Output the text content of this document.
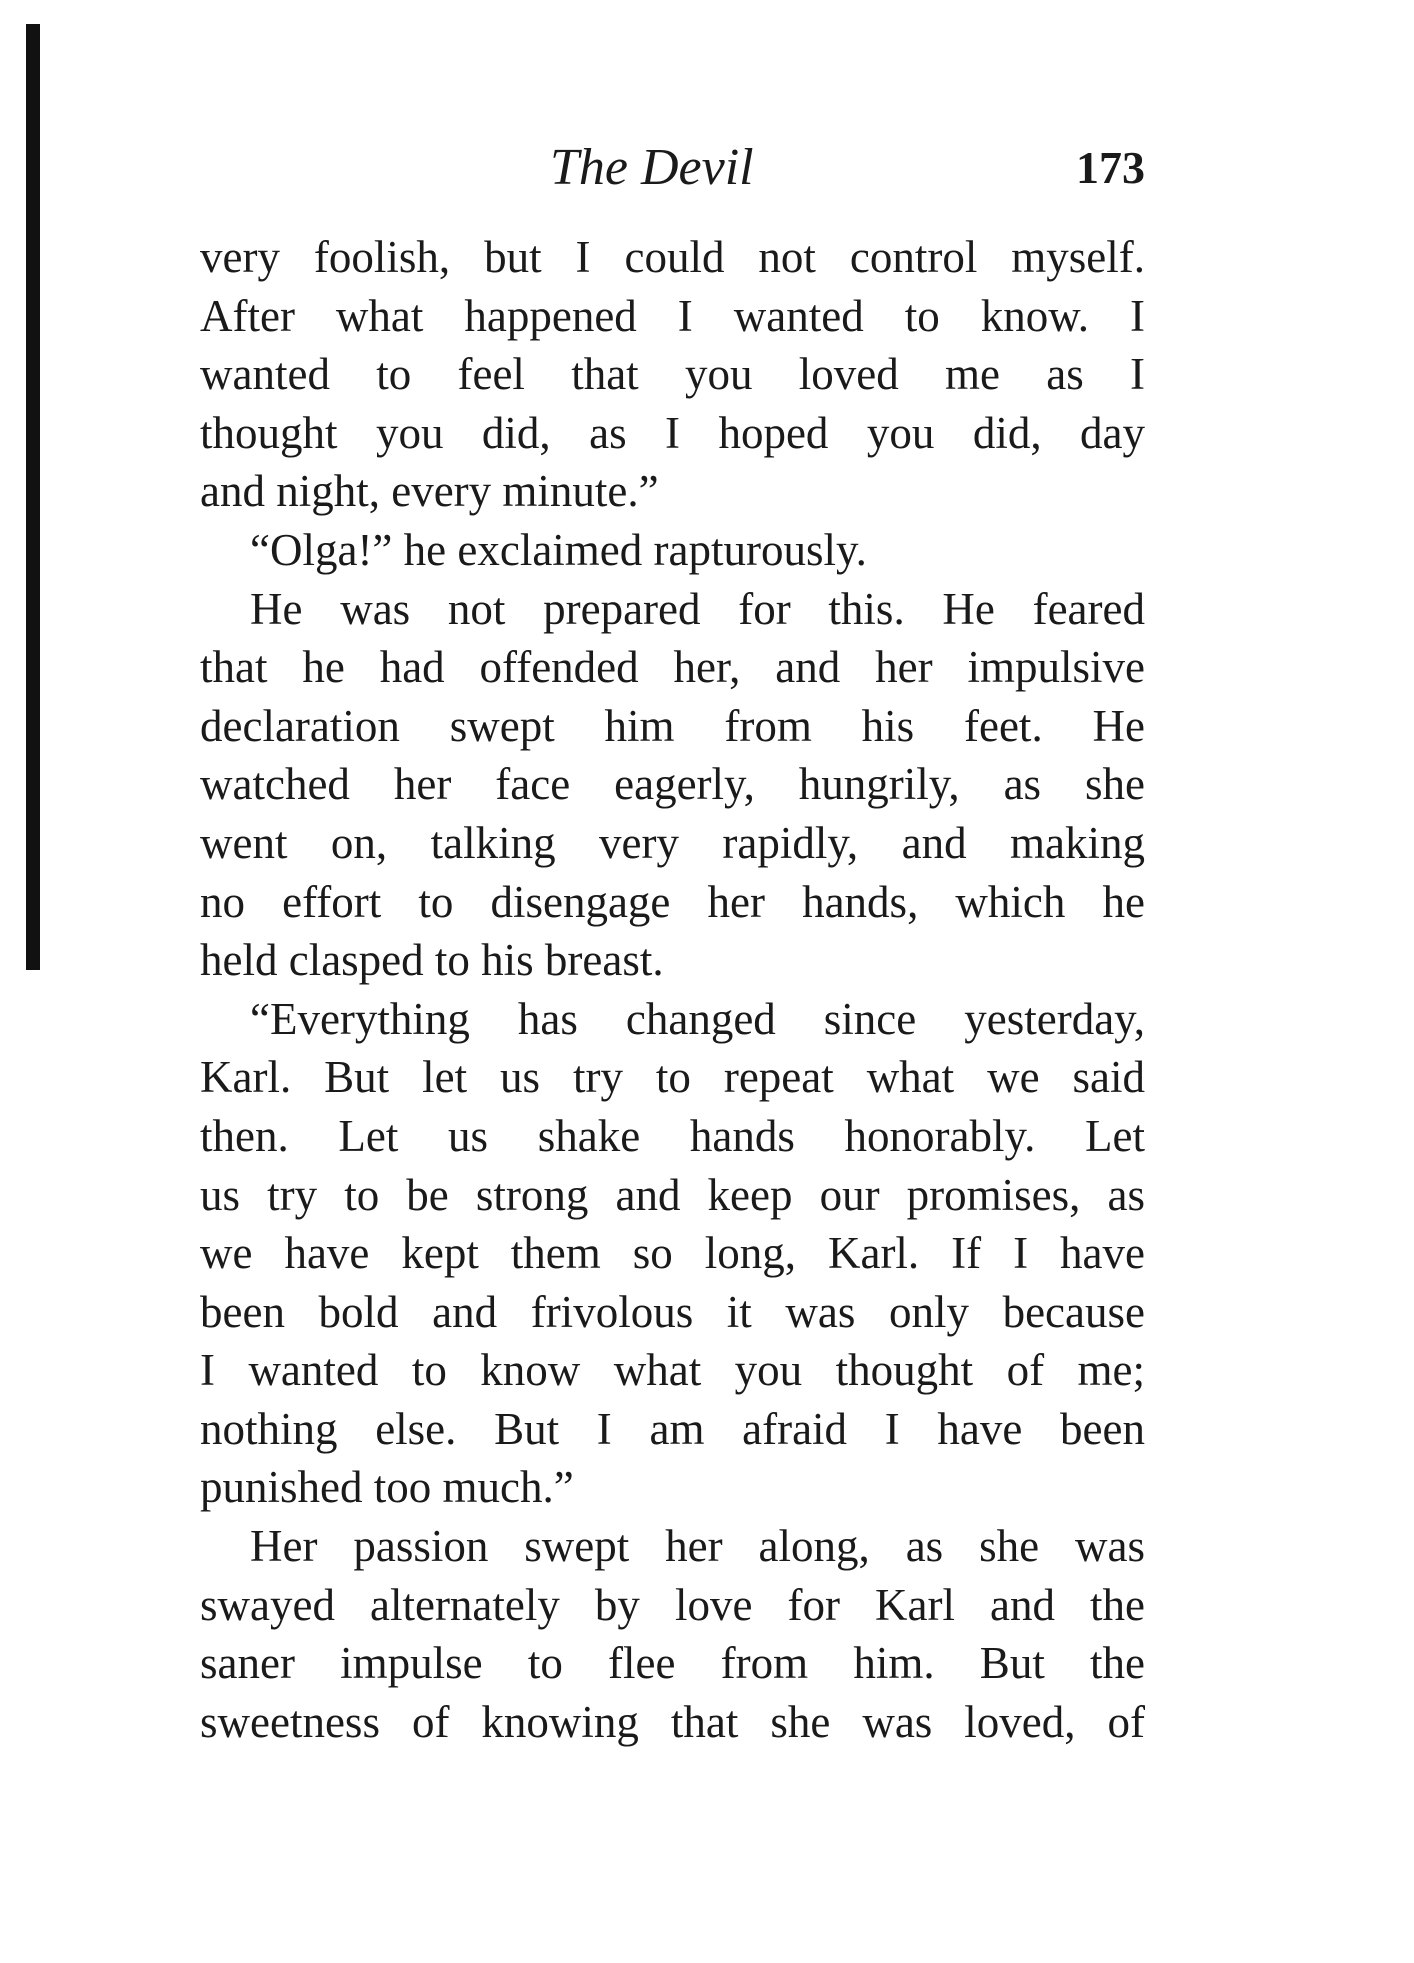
The Devil	173
very foolish, but I could not control myself.
After what happened I wanted to know. I
wanted to feel that you loved me as I
thought you did, as I hoped you did, day
and night, every minute.”
“Olga!” he exclaimed rapturously.
He was not prepared for this. He feared
that he had offended her, and her impulsive
declaration swept him from his feet. He
watched her face eagerly, hungrily, as she
went on, talking very rapidly, and making
no effort to disengage her hands, which he
held clasped to his breast.
“Everything has changed since yesterday,
Karl. But let us try to repeat what we said
then. Let us shake hands honorably. Let
us try to be strong and keep our promises, as
we have kept them so long, Karl. If I have
been bold and frivolous it was only because
I wanted to know what you thought of me;
nothing else. But I am afraid I have been
punished too much.”
Her passion swept her along, as she was
swayed alternately by love for Karl and the
saner impulse to flee from him. But the
sweetness of knowing that she was loved, of
